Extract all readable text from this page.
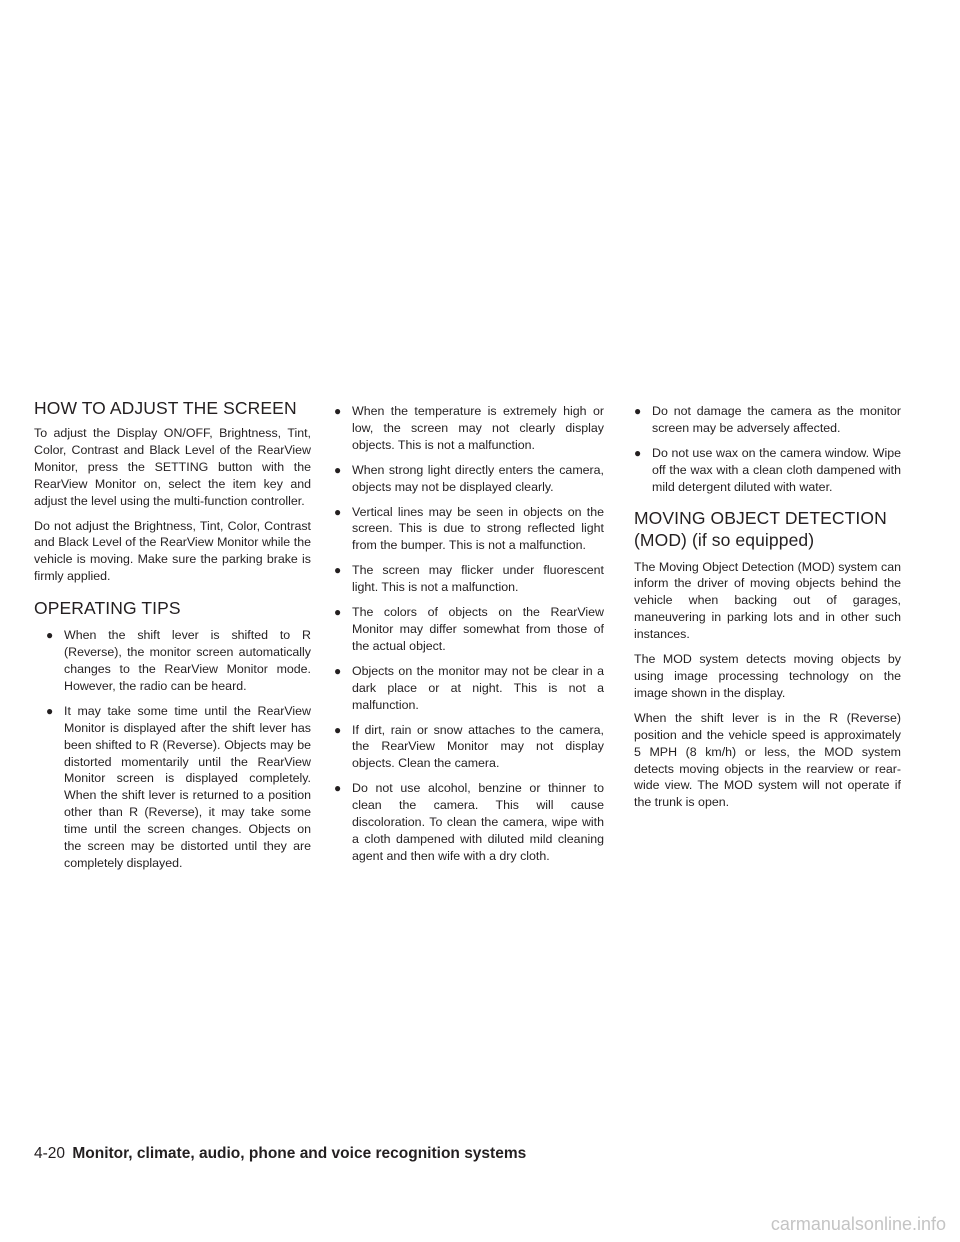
HOW TO ADJUST THE SCREEN

To adjust the Display ON/OFF, Brightness, Tint, Color, Contrast and Black Level of the RearView Monitor, press the SETTING button with the RearView Monitor on, select the item key and adjust the level using the multi-function controller.

Do not adjust the Brightness, Tint, Color, Contrast and Black Level of the RearView Monitor while the vehicle is moving. Make sure the parking brake is firmly applied.

OPERATING TIPS
● When the shift lever is shifted to R (Reverse), the monitor screen automatically changes to the RearView Monitor mode. However, the radio can be heard.
● It may take some time until the RearView Monitor is displayed after the shift lever has been shifted to R (Reverse). Objects may be distorted momentarily until the RearView Monitor screen is displayed completely. When the shift lever is returned to a position other than R (Reverse), it may take some time until the screen changes. Objects on the screen may be distorted until they are completely displayed.
● When the temperature is extremely high or low, the screen may not clearly display objects. This is not a malfunction.
● When strong light directly enters the camera, objects may not be displayed clearly.
● Vertical lines may be seen in objects on the screen. This is due to strong reflected light from the bumper. This is not a malfunction.
● The screen may flicker under fluorescent light. This is not a malfunction.
● The colors of objects on the RearView Monitor may differ somewhat from those of the actual object.
● Objects on the monitor may not be clear in a dark place or at night. This is not a malfunction.
● If dirt, rain or snow attaches to the camera, the RearView Monitor may not display objects. Clean the camera.
● Do not use alcohol, benzine or thinner to clean the camera. This will cause discoloration. To clean the camera, wipe with a cloth dampened with diluted mild cleaning agent and then wife with a dry cloth.
● Do not damage the camera as the monitor screen may be adversely affected.
● Do not use wax on the camera window. Wipe off the wax with a clean cloth dampened with mild detergent diluted with water.
MOVING OBJECT DETECTION
(MOD) (if so equipped)

The Moving Object Detection (MOD) system can inform the driver of moving objects behind the vehicle when backing out of garages, maneuvering in parking lots and in other such instances.

The MOD system detects moving objects by using image processing technology on the image shown in the display.

When the shift lever is in the R (Reverse) position and the vehicle speed is approximately 5 MPH (8 km/h) or less, the MOD system detects moving objects in the rearview or rear-wide view. The MOD system will not operate if the trunk is open.

4-20 Monitor, climate, audio, phone and voice recognition systems
carmanualsonline.info
